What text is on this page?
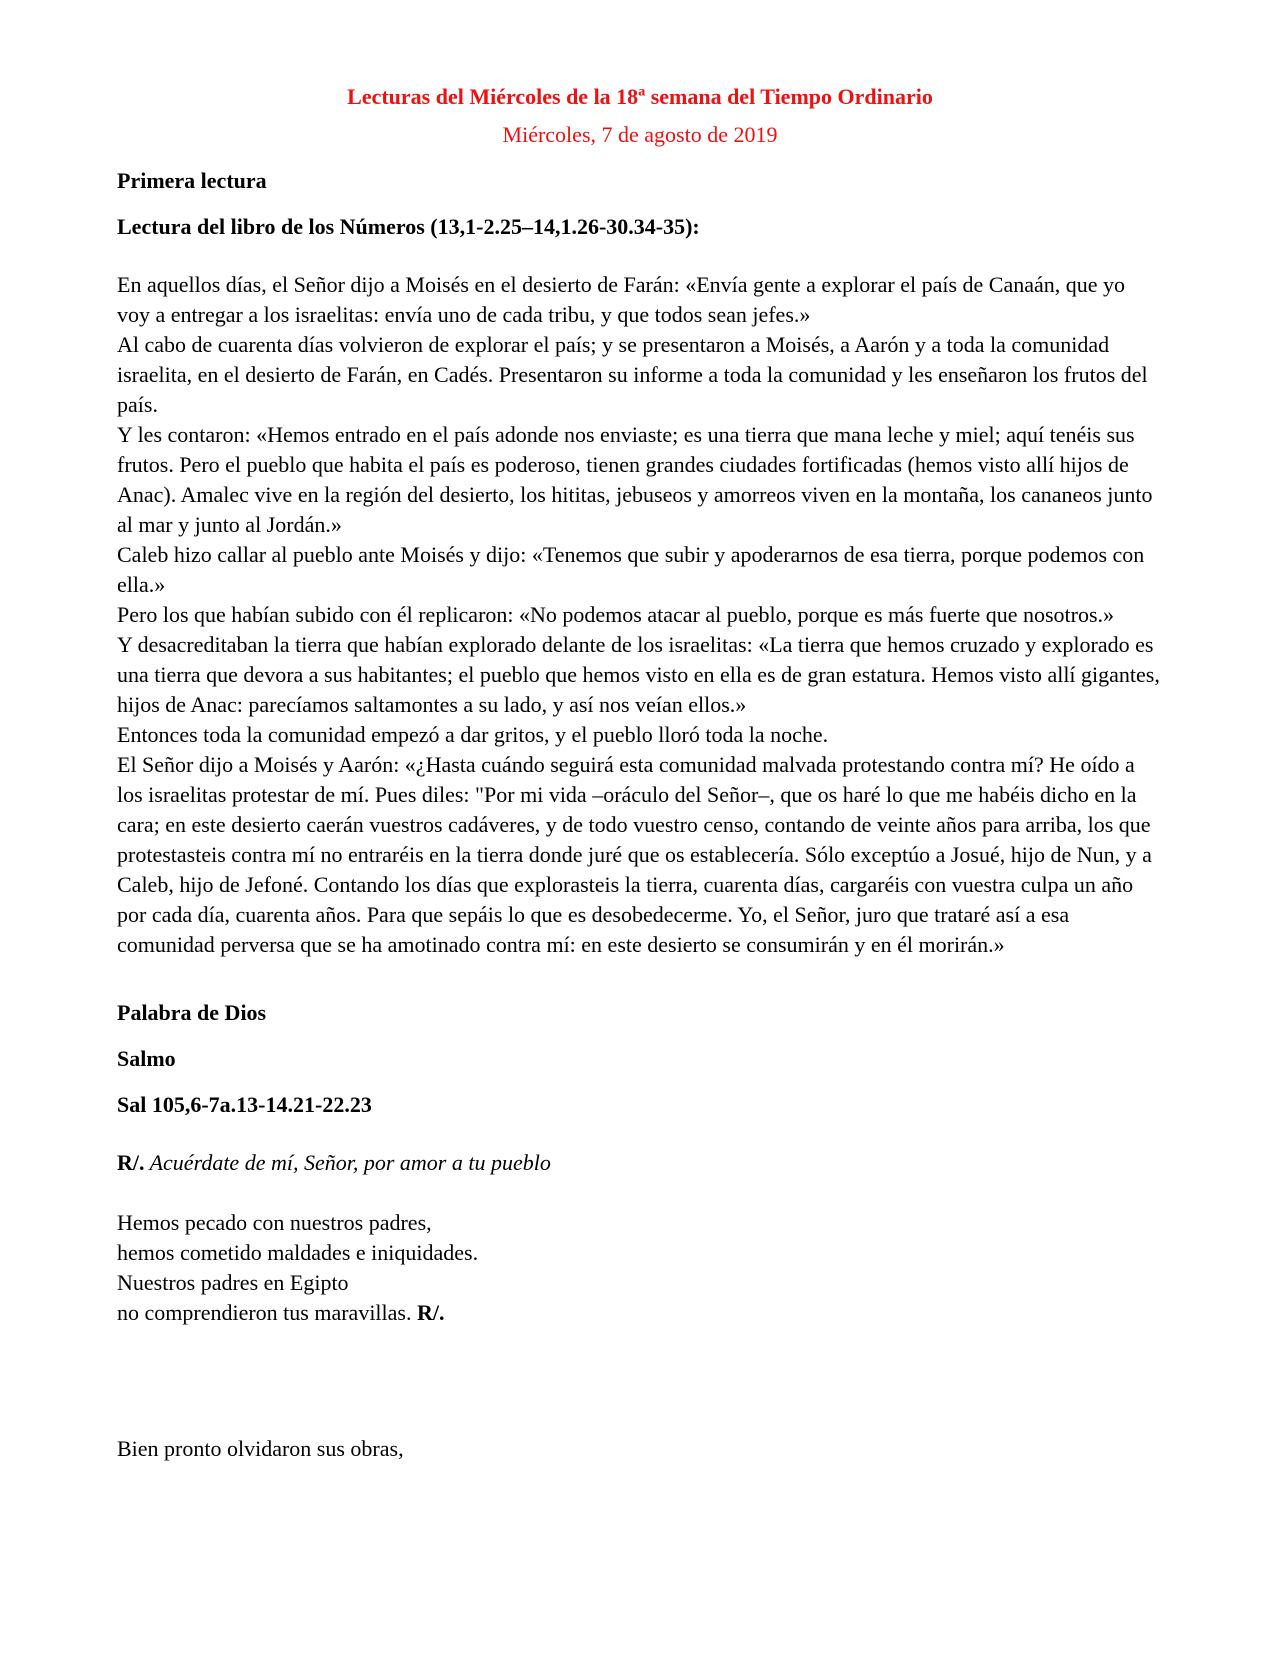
Lecturas del Miércoles de la 18$^a$ semana del Tiempo Ordinario
Miércoles, 7 de agosto de 2019
Primera lectura
Lectura del libro de los Números (13,1-2.25–14,1.26-30.34-35):

En aquellos días, el Señor dijo a Moisés en el desierto de Farán: «Envía gente a explorar el país de Canaán, que yo voy a entregar a los israelitas: envía uno de cada tribu, y que todos sean jefes.»

Al cabo de cuarenta días volvieron de explorar el país; y se presentaron a Moisés, a Aarón y a toda la comunidad israelita, en el desierto de Farán, en Cadés. Presentaron su informe a toda la comunidad y les enseñaron los frutos del país.

Y les contaron: «Hemos entrado en el país adonde nos enviaste; es una tierra que mana leche y miel; aquí tenéis sus frutos. Pero el pueblo que habita el país es poderoso, tienen grandes ciudades fortificadas (hemos visto allí hijos de Anac). Amalec vive en la región del desierto, los hititas, jebuseos y amorreos viven en la montaña, los cananeos junto al mar y junto al Jordán.»

Caleb hizo callar al pueblo ante Moisés y dijo: «Tenemos que subir y apoderarnos de esa tierra, porque podemos con ella.»

Pero los que habían subido con él replicaron: «No podemos atacar al pueblo, porque es más fuerte que nosotros.»

Y desacreditaban la tierra que habían explorado delante de los israelitas: «La tierra que hemos cruzado y explorado es una tierra que devora a sus habitantes; el pueblo que hemos visto en ella es de gran estatura. Hemos visto allí gigantes, hijos de Anac: parecíamos saltamontes a su lado, y así nos veían ellos.»

Entonces toda la comunidad empezó a dar gritos, y el pueblo lloró toda la noche.

El Señor dijo a Moisés y Aarón: «¿Hasta cuándo seguirá esta comunidad malvada protestando contra mí? He oído a los israelitas protestar de mí. Pues diles: "Por mi vida –oráculo del Señor–, que os haré lo que me habéis dicho en la cara; en este desierto caerán vuestros cadáveres, y de todo vuestro censo, contando de veinte años para arriba, los que protestasteis contra mí no entraréis en la tierra donde juré que os establecería. Sólo exceptúo a Josué, hijo de Nun, y a Caleb, hijo de Jefoné. Contando los días que explorasteis la tierra, cuarenta días, cargaréis con vuestra culpa un año por cada día, cuarenta años. Para que sepáis lo que es desobedecerme. Yo, el Señor, juro que trataré así a esa comunidad perversa que se ha amotinado contra mí: en este desierto se consumirán y en él morirán.»

Palabra de Dios
Salmo
Sal 105,6-7a.13-14.21-22.23
R/. Acuérdate de mí, Señor, por amor a tu pueblo
Hemos pecado con nuestros padres,
hemos cometido maldades e iniquidades.
Nuestros padres en Egipto
no comprendieron tus maravillas. R/.
Bien pronto olvidaron sus obras,
